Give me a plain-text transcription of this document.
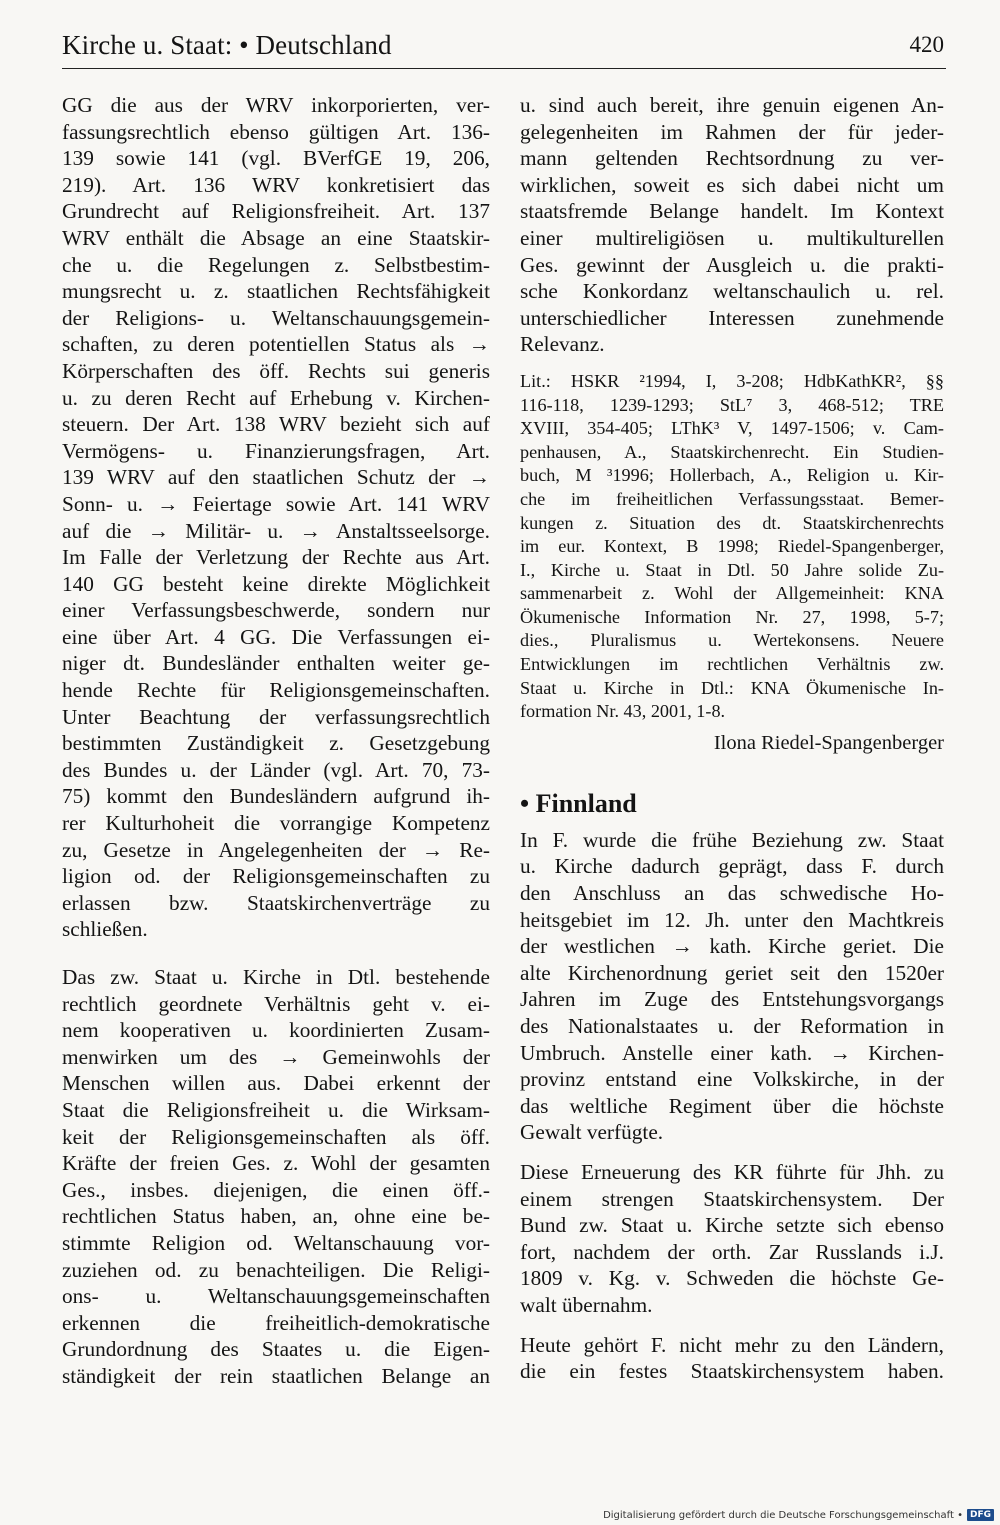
Kirche u. Staat: • Deutschland	420

GG die aus der WRV inkorporierten, ver-
fassungsrechtlich ebenso gültigen Art. 136-
139 sowie 141 (vgl. BVerfGE 19, 206,
219). Art. 136 WRV konkretisiert das
Grundrecht auf Religionsfreiheit. Art. 137
WRV enthält die Absage an eine Staatskir-
che u. die Regelungen z. Selbstbestim-
mungsrecht u. z. staatlichen Rechtsfähigkeit
der Religions- u. Weltanschauungsgemein-
schaften, zu deren potentiellen Status als →
Körperschaften des öff. Rechts sui generis
u. zu deren Recht auf Erhebung v. Kirchen-
steuern. Der Art. 138 WRV bezieht sich auf
Vermögens- u. Finanzierungsfragen, Art.
139 WRV auf den staatlichen Schutz der →
Sonn- u. → Feiertage sowie Art. 141 WRV
auf die → Militär- u. → Anstaltsseelsorge.
Im Falle der Verletzung der Rechte aus Art.
140 GG besteht keine direkte Möglichkeit
einer Verfassungsbeschwerde, sondern nur
eine über Art. 4 GG. Die Verfassungen ei-
niger dt. Bundesländer enthalten weiter ge-
hende Rechte für Religionsgemeinschaften.
Unter Beachtung der verfassungsrechtlich
bestimmten Zuständigkeit z. Gesetzgebung
des Bundes u. der Länder (vgl. Art. 70, 73-
75) kommt den Bundesländern aufgrund ih-
rer Kulturhoheit die vorrangige Kompetenz
zu, Gesetze in Angelegenheiten der → Re-
ligion od. der Religionsgemeinschaften zu
erlassen bzw. Staatskirchenverträge zu
schließen.

Das zw. Staat u. Kirche in Dtl. bestehende
rechtlich geordnete Verhältnis geht v. ei-
nem kooperativen u. koordinierten Zusam-
menwirken um des → Gemeinwohls der
Menschen willen aus. Dabei erkennt der
Staat die Religionsfreiheit u. die Wirksam-
keit der Religionsgemeinschaften als öff.
Kräfte der freien Ges. z. Wohl der gesamten
Ges., insbes. diejenigen, die einen öff.-
rechtlichen Status haben, an, ohne eine be-
stimmte Religion od. Weltanschauung vor-
zuziehen od. zu benachteiligen. Die Religi-
ons- u. Weltanschauungsgemeinschaften
erkennen die freiheitlich-demokratische
Grundordnung des Staates u. die Eigen-
ständigkeit der rein staatlichen Belange an

u. sind auch bereit, ihre genuin eigenen An-
gelegenheiten im Rahmen der für jeder-
mann geltenden Rechtsordnung zu ver-
wirklichen, soweit es sich dabei nicht um
staatsfremde Belange handelt. Im Kontext
einer multireligiösen u. multikulturellen
Ges. gewinnt der Ausgleich u. die prakti-
sche Konkordanz weltanschaulich u. rel.
unterschiedlicher Interessen zunehmende
Relevanz.

Lit.: HSKR ²1994, I, 3-208; HdbKathKR², §§
116-118, 1239-1293; StL⁷ 3, 468-512; TRE
XVIII, 354-405; LThK³ V, 1497-1506; v. Cam-
penhausen, A., Staatskirchenrecht. Ein Studien-
buch, M ³1996; Hollerbach, A., Religion u. Kir-
che im freiheitlichen Verfassungsstaat. Bemer-
kungen z. Situation des dt. Staatskirchenrechts
im eur. Kontext, B 1998; Riedel-Spangenberger,
I., Kirche u. Staat in Dtl. 50 Jahre solide Zu-
sammenarbeit z. Wohl der Allgemeinheit: KNA
Ökumenische Information Nr. 27, 1998, 5-7;
dies., Pluralismus u. Wertekonsens. Neuere
Entwicklungen im rechtlichen Verhältnis zw.
Staat u. Kirche in Dtl.: KNA Ökumenische In-
formation Nr. 43, 2001, 1-8.

Ilona Riedel-Spangenberger
• Finnland

In F. wurde die frühe Beziehung zw. Staat
u. Kirche dadurch geprägt, dass F. durch
den Anschluss an das schwedische Ho-
heitsgebiet im 12. Jh. unter den Machtkreis
der westlichen → kath. Kirche geriet. Die
alte Kirchenordnung geriet seit den 1520er
Jahren im Zuge des Entstehungsvorgangs
des Nationalstaates u. der Reformation in
Umbruch. Anstelle einer kath. → Kirchen-
provinz entstand eine Volkskirche, in der
das weltliche Regiment über die höchste
Gewalt verfügte.

Diese Erneuerung des KR führte für Jhh. zu
einem strengen Staatskirchensystem. Der
Bund zw. Staat u. Kirche setzte sich ebenso
fort, nachdem der orth. Zar Russlands i.J.
1809 v. Kg. v. Schweden die höchste Ge-
walt übernahm.

Heute gehört F. nicht mehr zu den Ländern,
die ein festes Staatskirchensystem haben.

Digitalisierung gefördert durch die Deutsche Forschungsgemeinschaft • DFG
